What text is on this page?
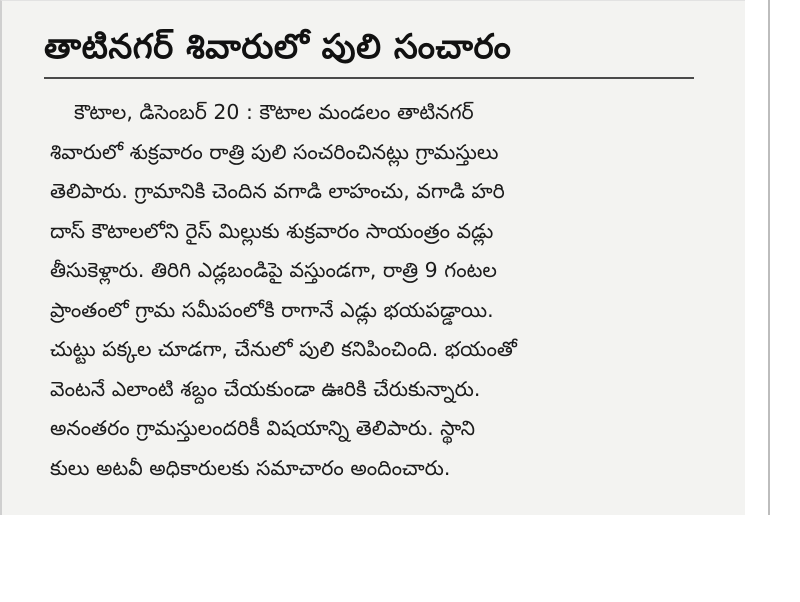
తాటినగర్ శివారులో పులి సంచారం
కౌటాల, డిసెంబర్ 20 : కౌటాల మండలం తాటినగర్
శివారులో శుక్రవారం రాత్రి పులి సంచరించినట్లు గ్రామస్తులు
తెలిపారు. గ్రామానికి చెందిన వగాడి లాహంచు, వగాడి హరి
దాస్ కౌటాలలోని రైస్ మిల్లుకు శుక్రవారం సాయంత్రం వడ్లు
తీసుకెళ్లారు. తిరిగి ఎడ్లబండిపై వస్తుండగా, రాత్రి 9 గంటల
ప్రాంతంలో గ్రామ సమీపంలోకి రాగానే ఎడ్లు భయపడ్డాయి.
చుట్టు పక్కల చూడగా, చేనులో పులి కనిపించింది. భయంతో
వెంటనే ఎలాంటి శబ్దం చేయకుండా ఊరికి చేరుకున్నారు.
అనంతరం గ్రామస్తులందరికీ విషయాన్ని తెలిపారు. స్థాని
కులు అటవీ అధికారులకు సమాచారం అందించారు.
